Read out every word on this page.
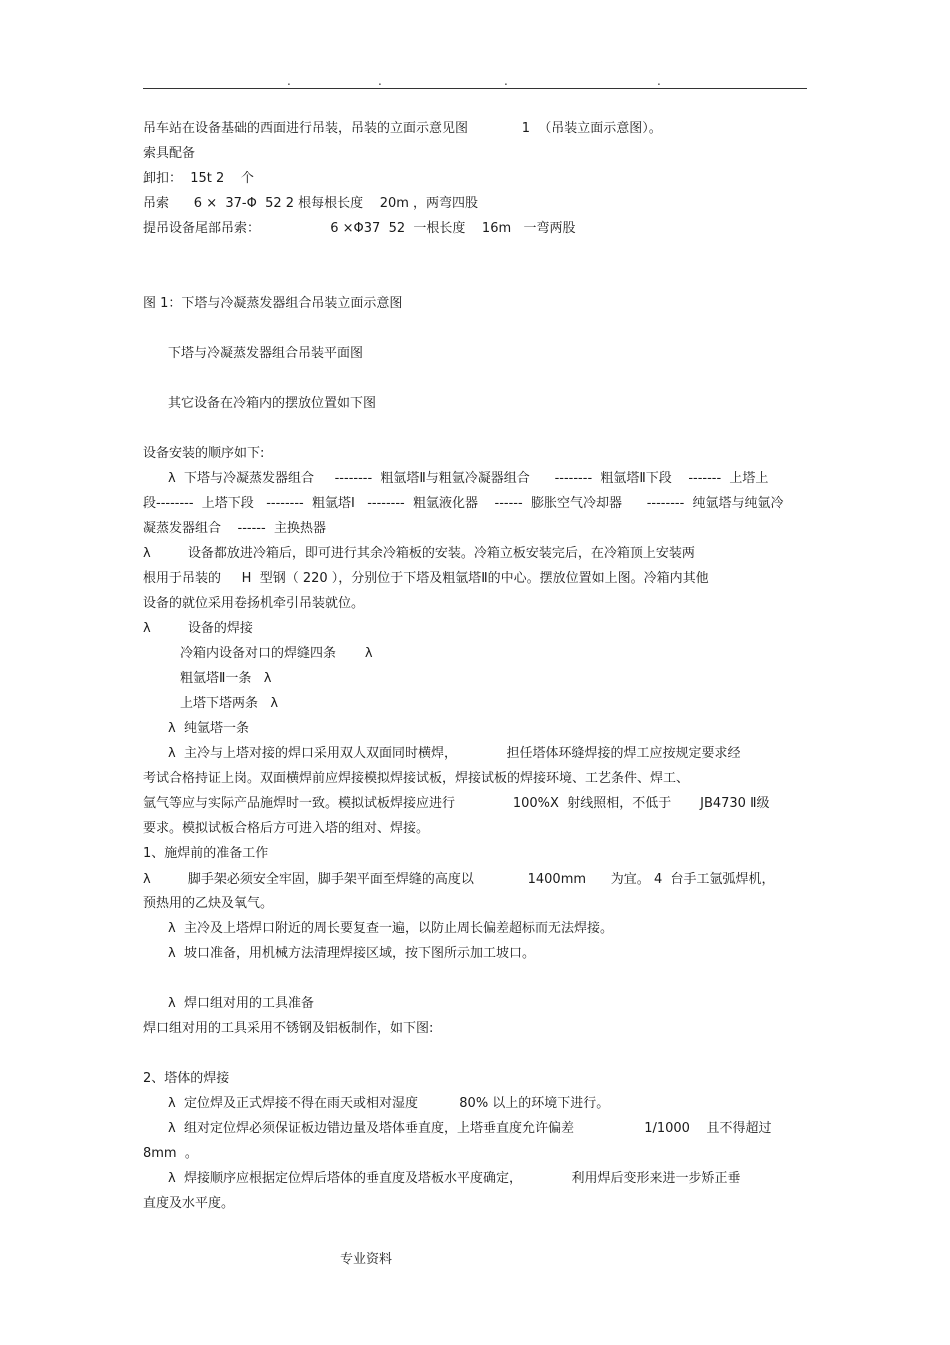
.	.	.	.
吊车站在设备基础的西面进行吊装，吊装的立面示意见图             1  （吊装立面示意图）。
索具配备
卸扣：  15t 2    个
吊索      6 ×  37-Φ  52 2 根每根长度    20m ，两弯四股
提吊设备尾部吊索：                 6 ×Φ37  52  一根长度    16m   一弯两股
图 1：下塔与冷凝蒸发器组合吊装立面示意图
下塔与冷凝蒸发器组合吊装平面图
其它设备在冷箱内的摆放位置如下图
设备安装的顺序如下:
λ  下塔与冷凝蒸发器组合     --------  粗氩塔Ⅱ与粗氩冷凝器组合      --------  粗氩塔Ⅱ下段    -------  上塔上
段--------  上塔下段   --------  粗氩塔Ⅰ   --------  粗氩液化器    ------  膨胀空气冷却器      --------  纯氩塔与纯氩冷
凝蒸发器组合    ------  主换热器
λ         设备都放进冷箱后，即可进行其余冷箱板的安装。冷箱立板安装完后，在冷箱顶上安装两
根用于吊装的     H  型钢（ 220 ），分别位于下塔及粗氩塔Ⅱ的中心。摆放位置如上图。冷箱内其他
设备的就位采用卷扬机牵引吊装就位。
λ         设备的焊接
冷箱内设备对口的焊缝四条       λ
粗氩塔Ⅱ一条   λ
上塔下塔两条   λ
λ  纯氩塔一条
λ  主冷与上塔对接的焊口采用双人双面同时横焊，            担任塔体环缝焊接的焊工应按规定要求经
考试合格持证上岗。双面横焊前应焊接模拟焊接试板，焊接试板的焊接环境、工艺条件、焊工、
氩气等应与实际产品施焊时一致。模拟试板焊接应进行              100%X  射线照相，不低于       JB4730 Ⅱ级
要求。模拟试板合格后方可进入塔的组对、焊接。
1、施焊前的准备工作
λ         脚手架必须安全牢固，脚手架平面至焊缝的高度以             1400mm      为宜。 4  台手工氩弧焊机，
预热用的乙炔及氧气。
λ  主冷及上塔焊口附近的周长要复查一遍，以防止周长偏差超标而无法焊接。
λ  坡口准备，用机械方法清理焊接区域，按下图所示加工坡口。
λ  焊口组对用的工具准备
焊口组对用的工具采用不锈钢及铝板制作，如下图:
2、塔体的焊接
λ  定位焊及正式焊接不得在雨天或相对湿度          80% 以上的环境下进行。
λ  组对定位焊必须保证板边错边量及塔体垂直度，上塔垂直度允许偏差                 1/1000    且不得超过
8mm  。
λ  焊接顺序应根据定位焊后塔体的垂直度及塔板水平度确定，            利用焊后变形来进一步矫正垂
直度及水平度。
专业资料
